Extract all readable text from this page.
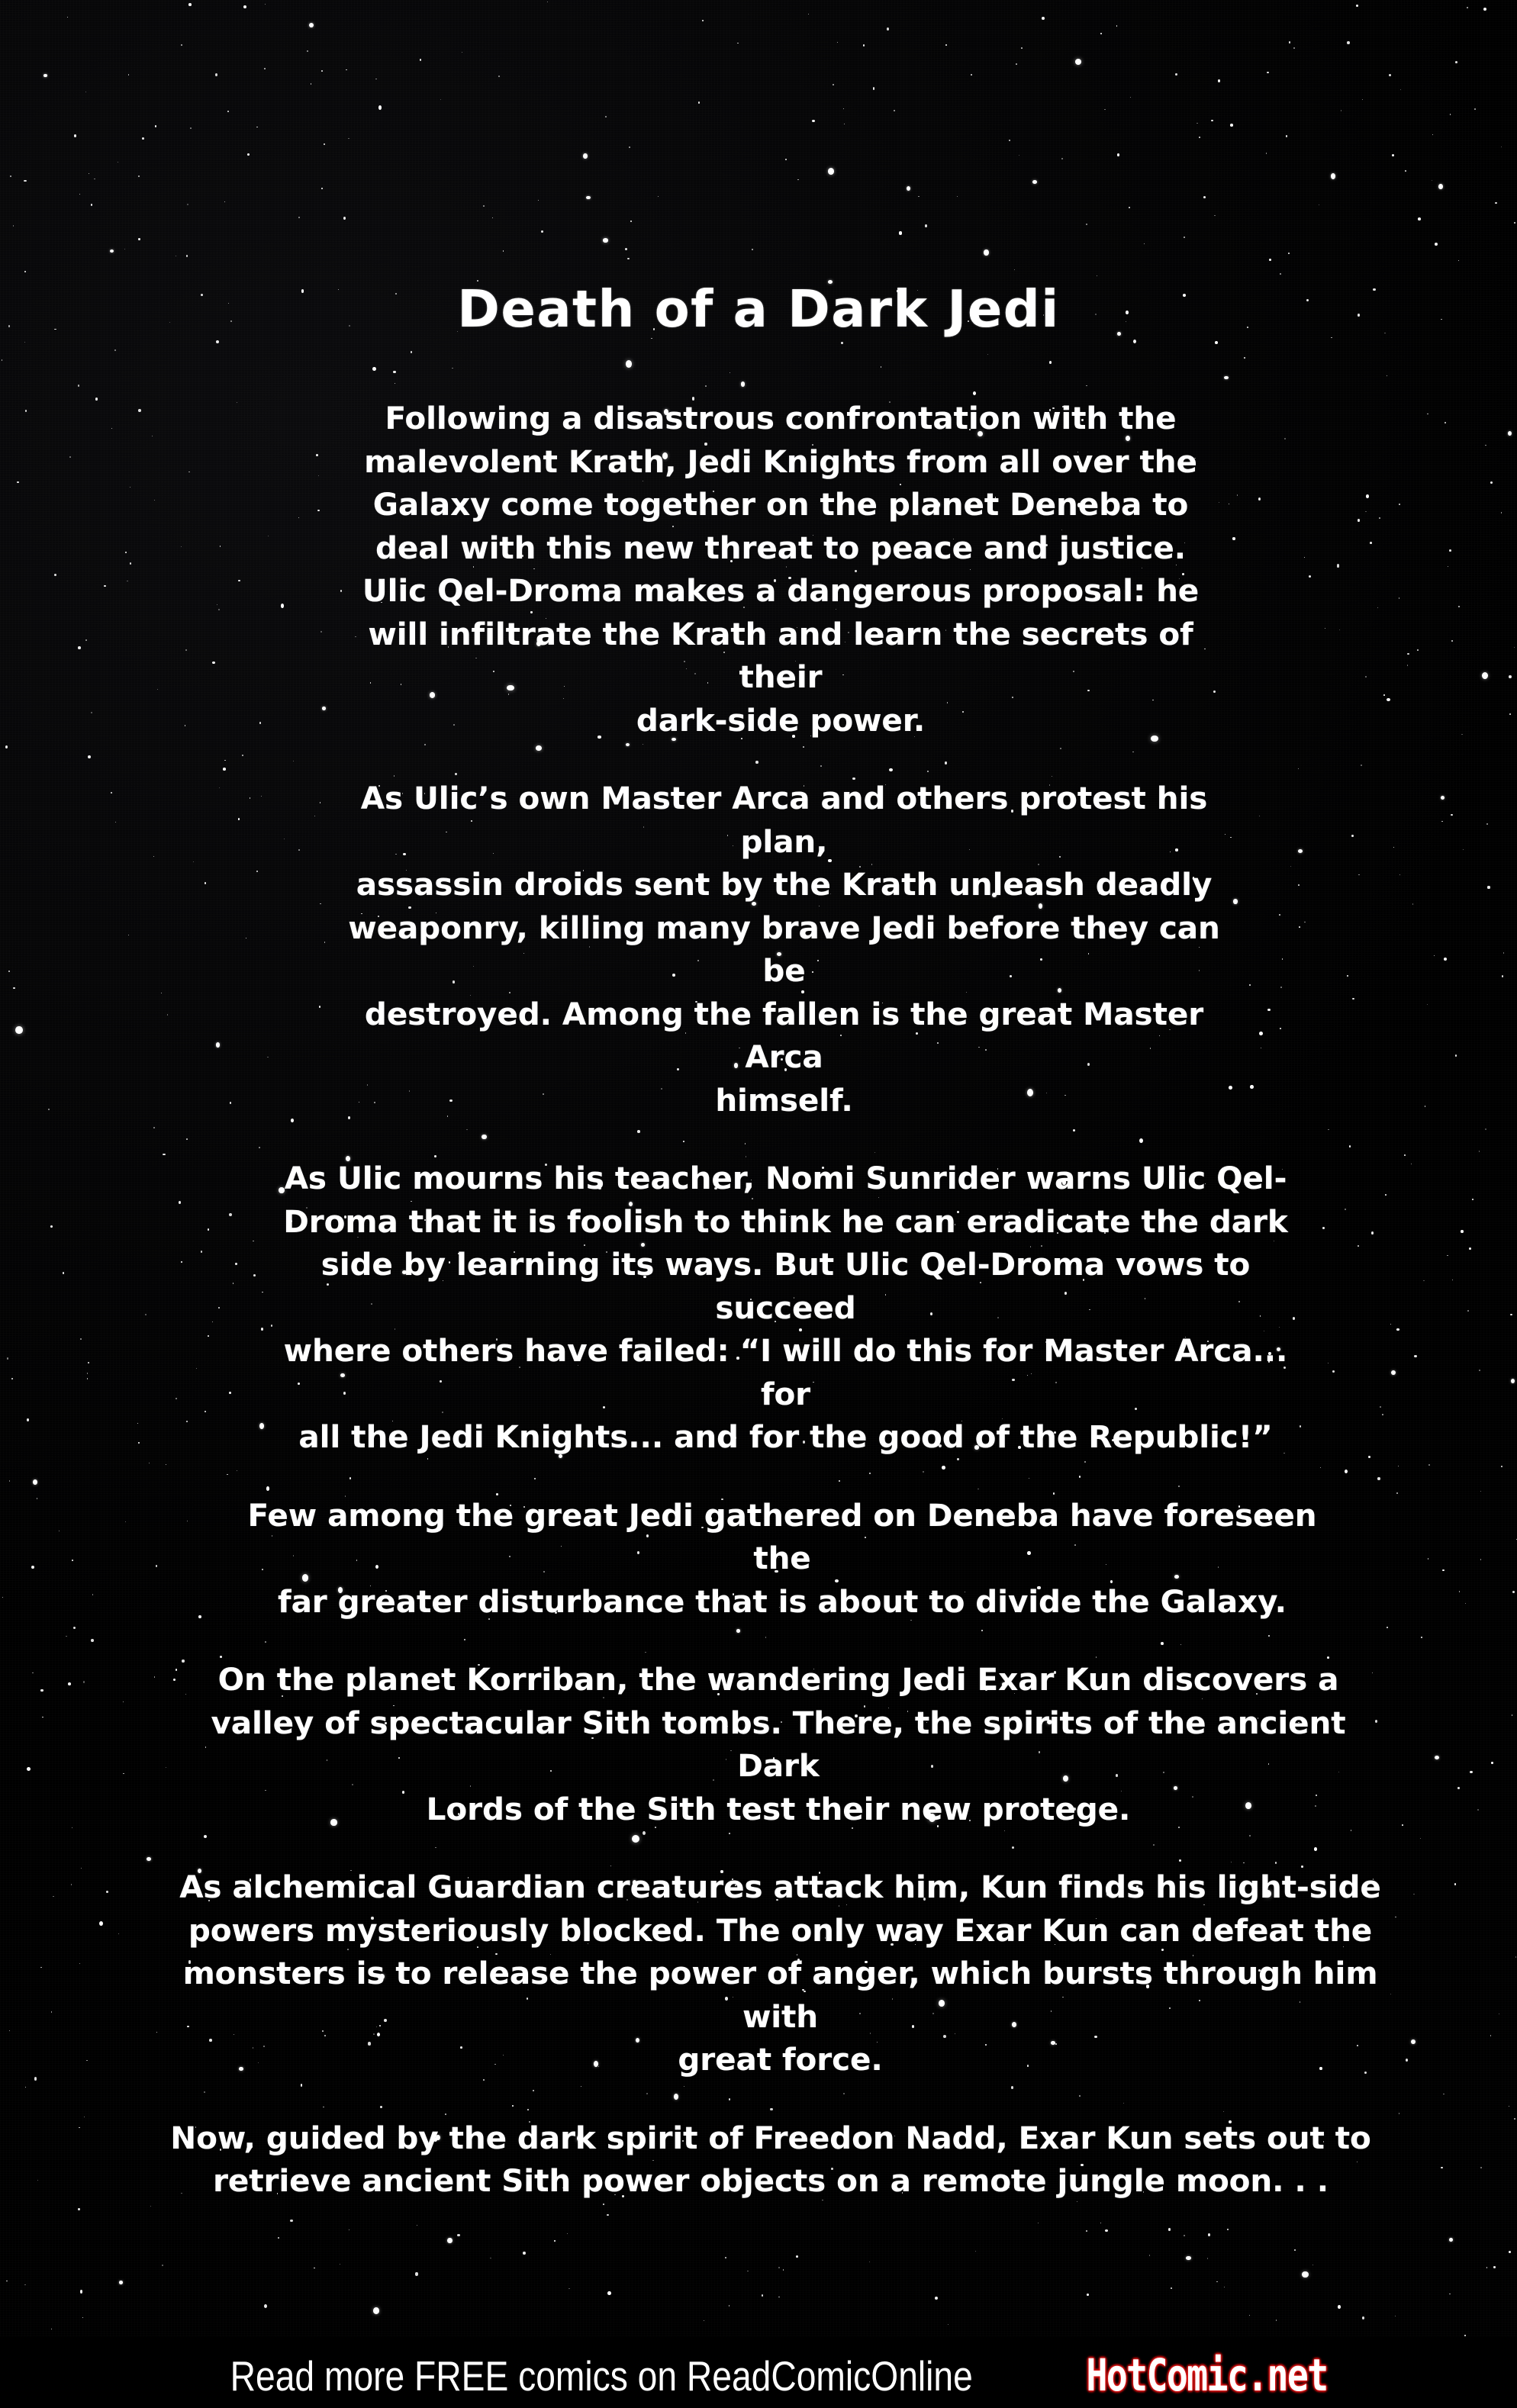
Death of a Dark Jedi

Following a disastrous confrontation with the
malevolent Krath, Jedi Knights from all over the
Galaxy come together on the planet Deneba to
deal with this new threat to peace and justice.
Ulic Qel-Droma makes a dangerous proposal: he
will infiltrate the Krath and learn the secrets of their
dark-side power.

As Ulic’s own Master Arca and others protest his plan,
assassin droids sent by the Krath unleash deadly
weaponry, killing many brave Jedi before they can be
destroyed. Among the fallen is the great Master Arca
himself.

As Ulic mourns his teacher, Nomi Sunrider warns Ulic Qel-
Droma that it is foolish to think he can eradicate the dark
side by learning its ways. But Ulic Qel-Droma vows to succeed
where others have failed: “I will do this for Master Arca... for
all the Jedi Knights... and for the good of the Republic!”

Few among the great Jedi gathered on Deneba have foreseen the
far greater disturbance that is about to divide the Galaxy.

On the planet Korriban, the wandering Jedi Exar Kun discovers a
valley of spectacular Sith tombs. There, the spirits of the ancient Dark
Lords of the Sith test their new protege.

As alchemical Guardian creatures attack him, Kun finds his light-side
powers mysteriously blocked. The only way Exar Kun can defeat the
monsters is to release the power of anger, which bursts through him with
great force.

Now, guided by the dark spirit of Freedon Nadd, Exar Kun sets out to
retrieve ancient Sith power objects on a remote jungle moon. . .

Read more FREE comics on ReadComicOnline	HotComic.net
